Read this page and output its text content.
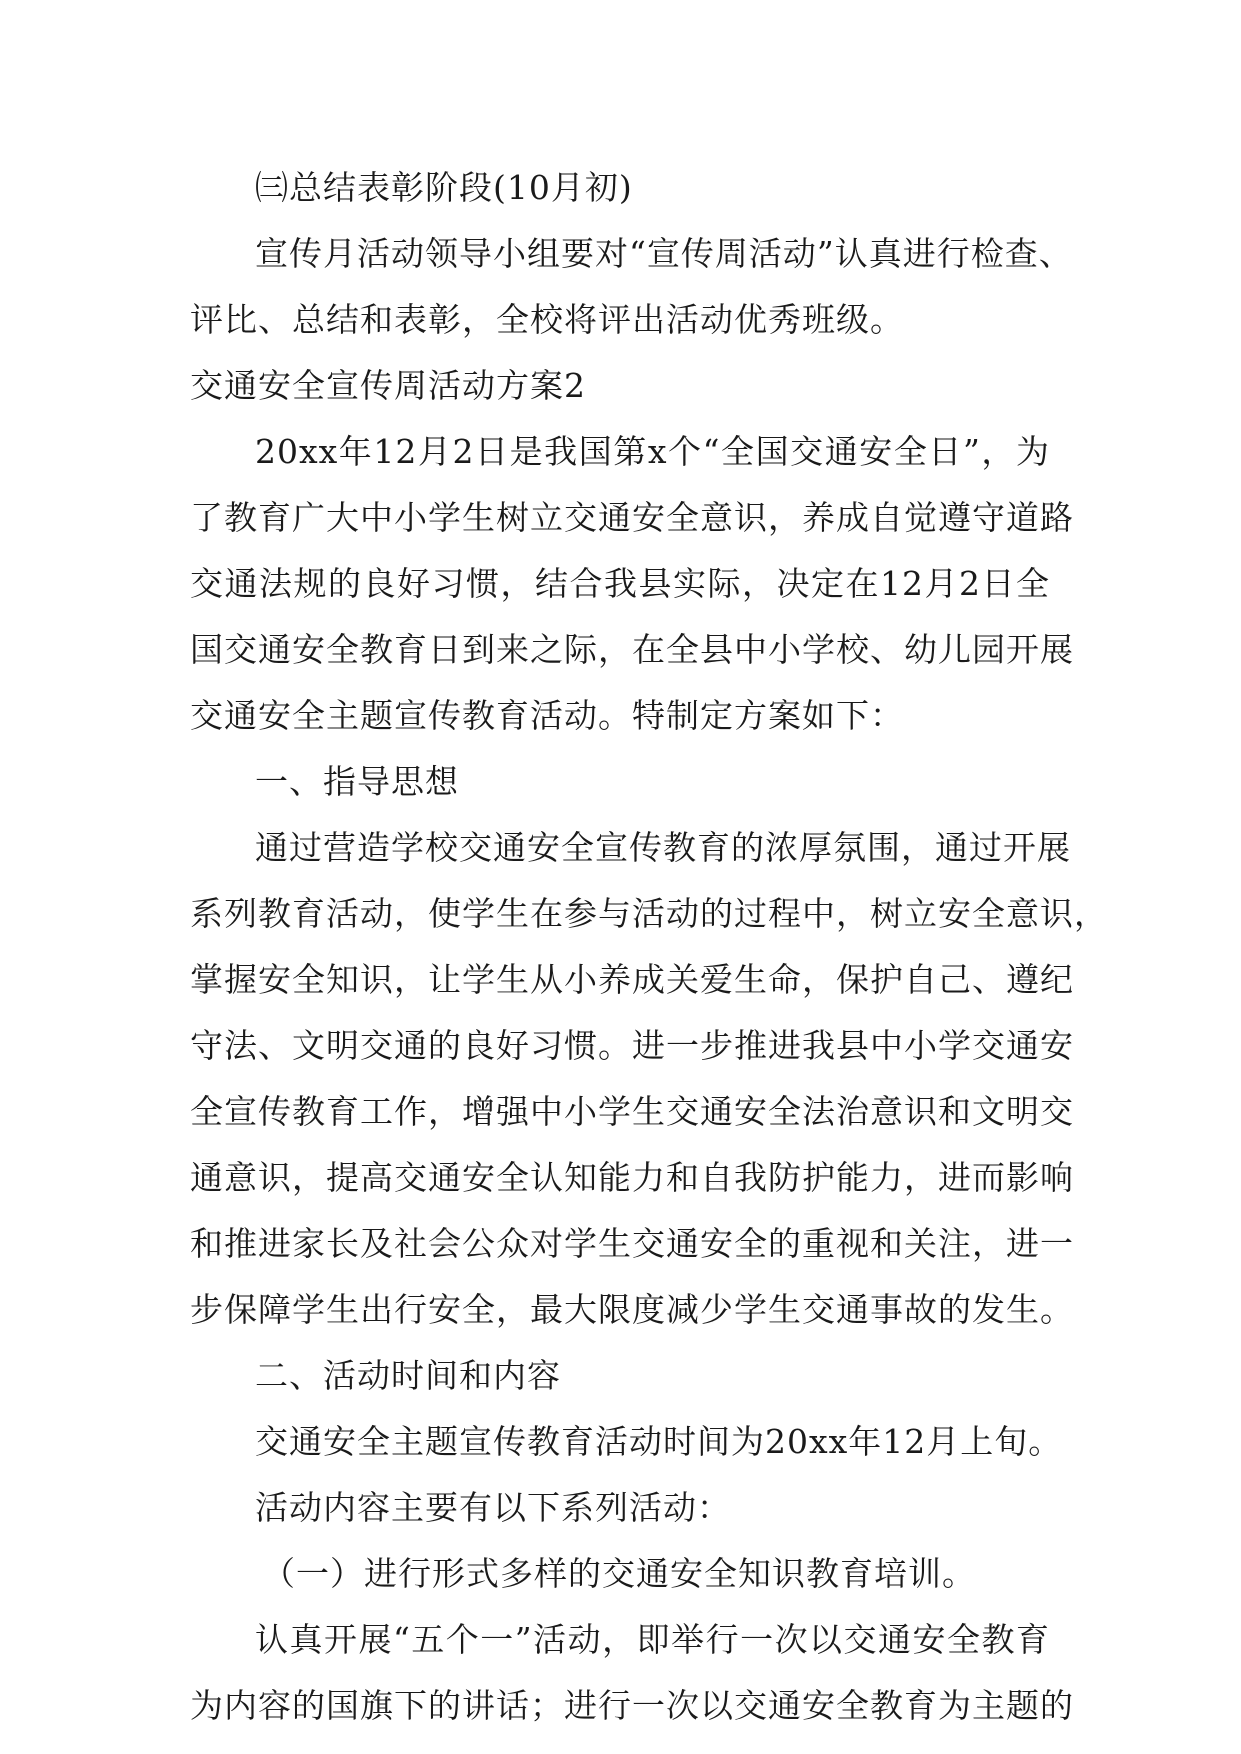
㈢总结表彰阶段(10月初)
宣传月活动领导小组要对“宣传周活动”认真进行检查、
评比、总结和表彰，全校将评出活动优秀班级。
交通安全宣传周活动方案2
20xx年12月2日是我国第x个“全国交通安全日”，为
了教育广大中小学生树立交通安全意识，养成自觉遵守道路
交通法规的良好习惯，结合我县实际，决定在12月2日全
国交通安全教育日到来之际，在全县中小学校、幼儿园开展
交通安全主题宣传教育活动。特制定方案如下：
一、指导思想
通过营造学校交通安全宣传教育的浓厚氛围，通过开展
系列教育活动，使学生在参与活动的过程中，树立安全意识，
掌握安全知识，让学生从小养成关爱生命，保护自己、遵纪
守法、文明交通的良好习惯。进一步推进我县中小学交通安
全宣传教育工作，增强中小学生交通安全法治意识和文明交
通意识，提高交通安全认知能力和自我防护能力，进而影响
和推进家长及社会公众对学生交通安全的重视和关注，进一
步保障学生出行安全，最大限度减少学生交通事故的发生。
二、活动时间和内容
交通安全主题宣传教育活动时间为20xx年12月上旬。
活动内容主要有以下系列活动：
（一）进行形式多样的交通安全知识教育培训。
认真开展“五个一”活动，即举行一次以交通安全教育
为内容的国旗下的讲话；进行一次以交通安全教育为主题的
